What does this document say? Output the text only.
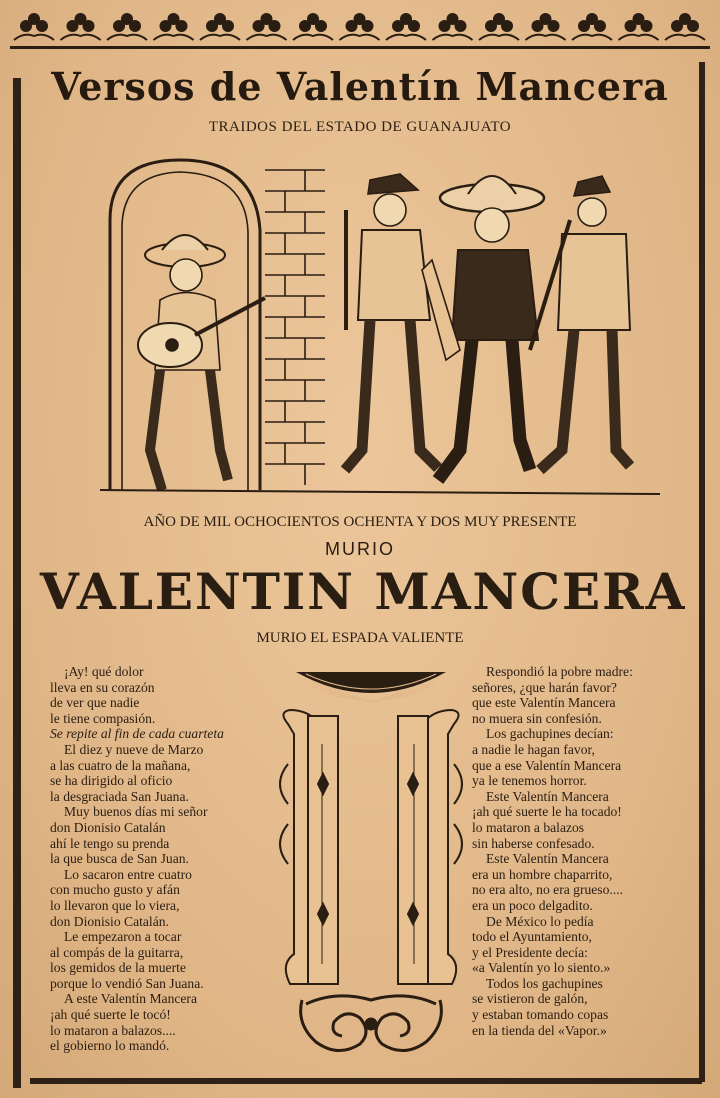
Versos de Valentín Mancera
TRAIDOS DEL ESTADO DE GUANAJUATO
AÑO DE MIL OCHOCIENTOS OCHENTA Y DOS MUY PRESENTE
MURIO
VALENTIN MANCERA
MURIO EL ESPADA VALIENTE
¡Ay! qué dolor
lleva en su corazón
de ver que nadie
le tiene compasión.
Se repite al fin de cada cuarteta
El diez y nueve de Marzo
a las cuatro de la mañana,
se ha dirigido al oficio
la desgraciada San Juana.
Muy buenos días mi señor
don Dionisio Catalán
ahí le tengo su prenda
la que busca de San Juan.
Lo sacaron entre cuatro
con mucho gusto y afán
lo llevaron que lo viera,
don Dionisio Catalán.
Le empezaron a tocar
al compás de la guitarra,
los gemidos de la muerte
porque lo vendió San Juana.
A este Valentín Mancera
¡ah qué suerte le tocó!
lo mataron a balazos....
el gobierno lo mandó.
Respondió la pobre madre:
señores, ¿que harán favor?
que este Valentín Mancera
no muera sin confesión.
Los gachupines decían:
a nadie le hagan favor,
que a ese Valentín Mancera
ya le tenemos horror.
Este Valentín Mancera
¡ah qué suerte le ha tocado!
lo mataron a balazos
sin haberse confesado.
Este Valentín Mancera
era un hombre chaparrito,
no era alto, no era grueso....
era un poco delgadito.
De México lo pedía
todo el Ayuntamiento,
y el Presidente decía:
«a Valentín yo lo siento.»
Todos los gachupines
se vistieron de galón,
y estaban tomando copas
en la tienda del «Vapor.»
